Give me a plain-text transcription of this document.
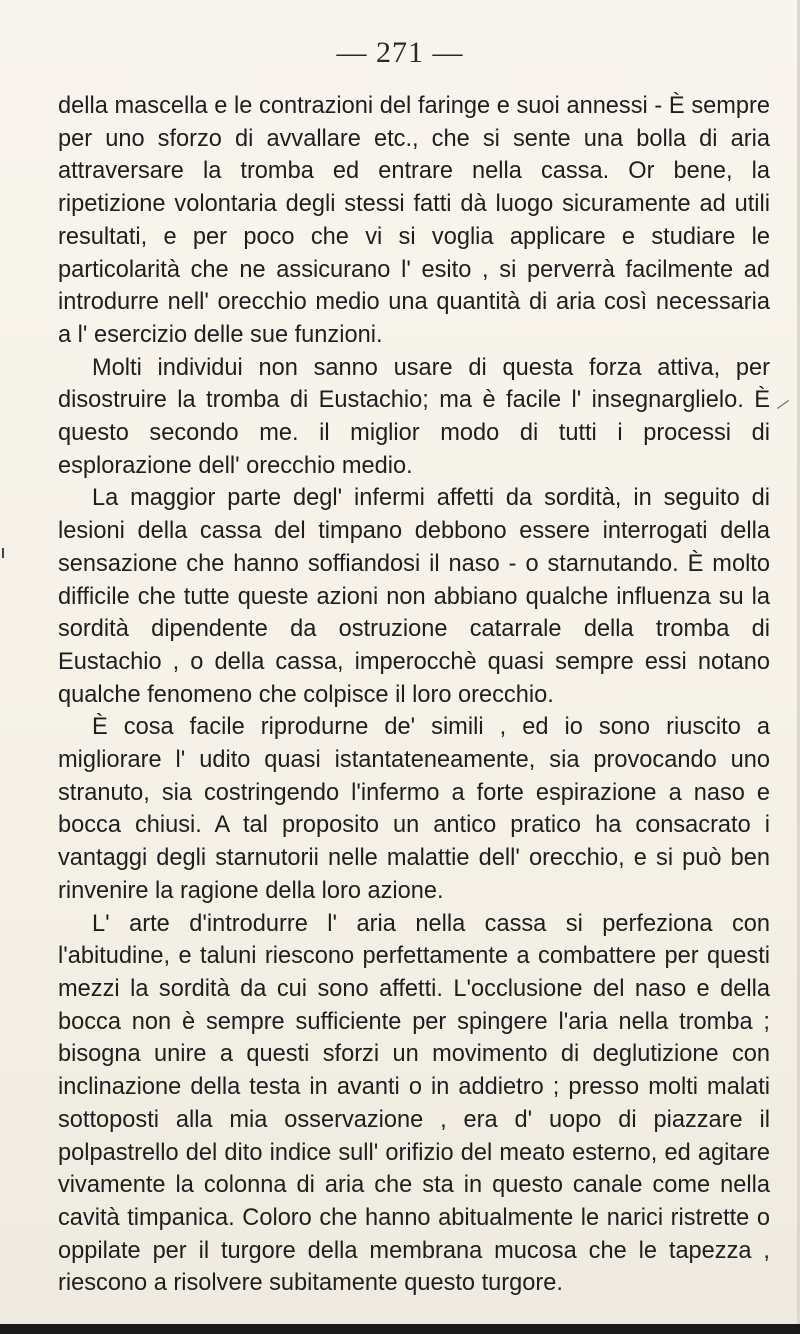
— 271 —

della mascella e le contrazioni del faringe e suoi annessi - È sempre per uno sforzo di avvallare etc., che si sente una bolla di aria attraversare la tromba ed entrare nella cassa. Or bene, la ripetizione volontaria degli stessi fatti dà luogo sicuramente ad utili resultati, e per poco che vi si voglia applicare e studiare le particolarità che ne assicurano l' esito , si perverrà facilmente ad introdurre nell' orecchio medio una quantità di aria così necessaria a l' esercizio delle sue funzioni.

Molti individui non sanno usare di questa forza attiva, per disostruire la tromba di Eustachio; ma è facile l' insegnarglielo. È questo secondo me. il miglior modo di tutti i processi di esplorazione dell' orecchio medio.

La maggior parte degl' infermi affetti da sordità, in seguito di lesioni della cassa del timpano debbono essere interrogati della sensazione che hanno soffiandosi il naso - o starnutando. È molto difficile che tutte queste azioni non abbiano qualche influenza su la sordità dipendente da ostruzione catarrale della tromba di Eustachio , o della cassa, imperocchè quasi sempre essi notano qualche fenomeno che colpisce il loro orecchio.

È cosa facile riprodurne de' simili , ed io sono riuscito a migliorare l' udito quasi istantateneamente, sia provocando uno stranuto, sia costringendo l'infermo a forte espirazione a naso e bocca chiusi. A tal proposito un antico pratico ha consacrato i vantaggi degli starnutorii nelle malattie dell' orecchio, e si può ben rinvenire la ragione della loro azione.

L' arte d'introdurre l' aria nella cassa si perfeziona con l'abitudine, e taluni riescono perfettamente a combattere per questi mezzi la sordità da cui sono affetti. L'occlusione del naso e della bocca non è sempre sufficiente per spingere l'aria nella tromba ; bisogna unire a questi sforzi un movimento di deglutizione con inclinazione della testa in avanti o in addietro ; presso molti malati sottoposti alla mia osservazione , era d' uopo di piazzare il polpastrello del dito indice sull' orifizio del meato esterno, ed agitare vivamente la colonna di aria che sta in questo canale come nella cavità timpanica. Coloro che hanno abitualmente le narici ristrette o oppilate per il turgore della membrana mucosa che le tapezza , riescono a risolvere subitamente questo turgore.
